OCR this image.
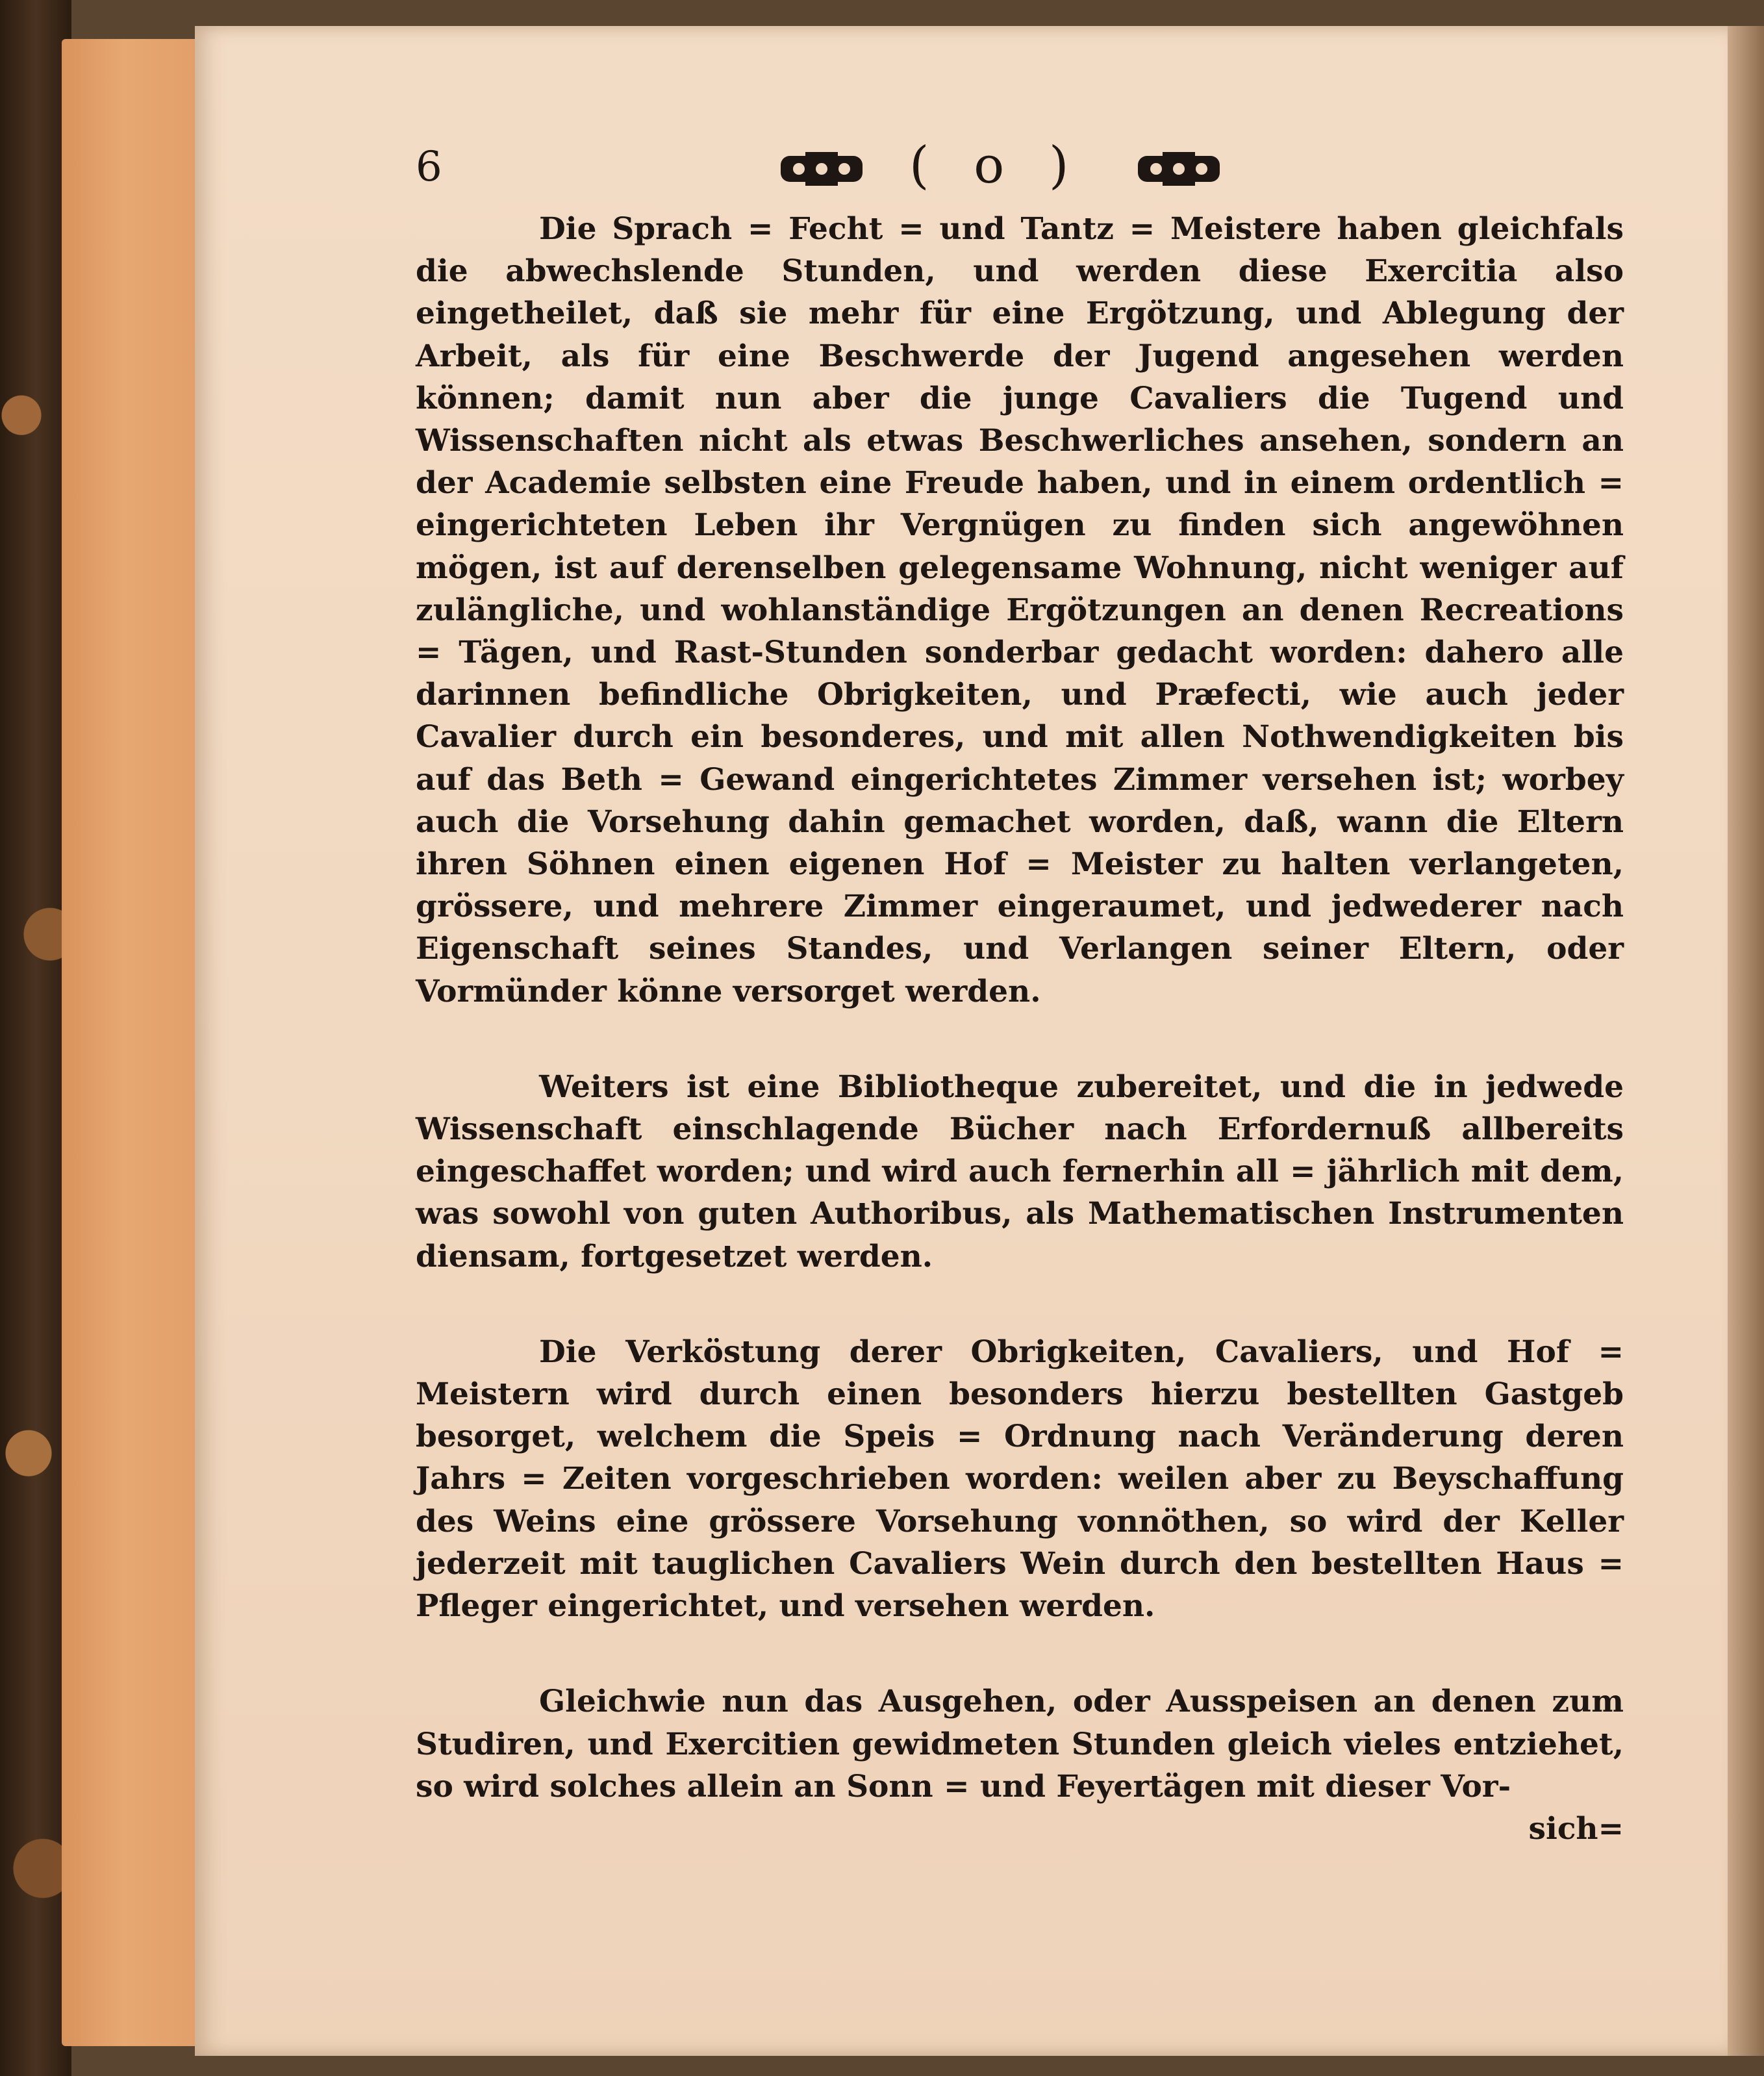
6	( o )

Die Sprach = Fecht = und Tantz = Meistere haben gleichfals die abwechslende Stunden, und werden diese Exercitia also eingetheilet, daß sie mehr für eine Ergötzung, und Ablegung der Arbeit, als für eine Beschwerde der Jugend angesehen werden können; damit nun aber die junge Cavaliers die Tugend und Wissenschaften nicht als etwas Beschwerliches ansehen, sondern an der Academie selbsten eine Freude haben, und in einem ordentlich = eingerichteten Leben ihr Vergnügen zu finden sich angewöhnen mögen, ist auf derenselben gelegensame Wohnung, nicht weniger auf zulängliche, und wohlanständige Ergötzungen an denen Recreations = Tägen, und Rast-Stunden sonderbar gedacht worden: dahero alle darinnen befindliche Obrigkeiten, und Præfecti, wie auch jeder Cavalier durch ein besonderes, und mit allen Nothwendigkeiten bis auf das Beth = Gewand eingerichtetes Zimmer versehen ist; worbey auch die Vorsehung dahin gemachet worden, daß, wann die Eltern ihren Söhnen einen eigenen Hof = Meister zu halten verlangeten, grössere, und mehrere Zimmer eingeraumet, und jedwederer nach Eigenschaft seines Standes, und Verlangen seiner Eltern, oder Vormünder könne versorget werden.

Weiters ist eine Bibliotheque zubereitet, und die in jedwede Wissenschaft einschlagende Bücher nach Erfordernuß allbereits eingeschaffet worden; und wird auch fernerhin all = jährlich mit dem, was sowohl von guten Authoribus, als Mathematischen Instrumenten diensam, fortgesetzet werden.

Die Verköstung derer Obrigkeiten, Cavaliers, und Hof = Meistern wird durch einen besonders hierzu bestellten Gastgeb besorget, welchem die Speis = Ordnung nach Veränderung deren Jahrs = Zeiten vorgeschrieben worden: weilen aber zu Beyschaffung des Weins eine grössere Vorsehung vonnöthen, so wird der Keller jederzeit mit tauglichen Cavaliers Wein durch den bestellten Haus = Pfleger eingerichtet, und versehen werden.

Gleichwie nun das Ausgehen, oder Ausspeisen an denen zum Studiren, und Exercitien gewidmeten Stunden gleich vieles entziehet, so wird solches allein an Sonn = und Feyertägen mit dieser Vor-

sich=
